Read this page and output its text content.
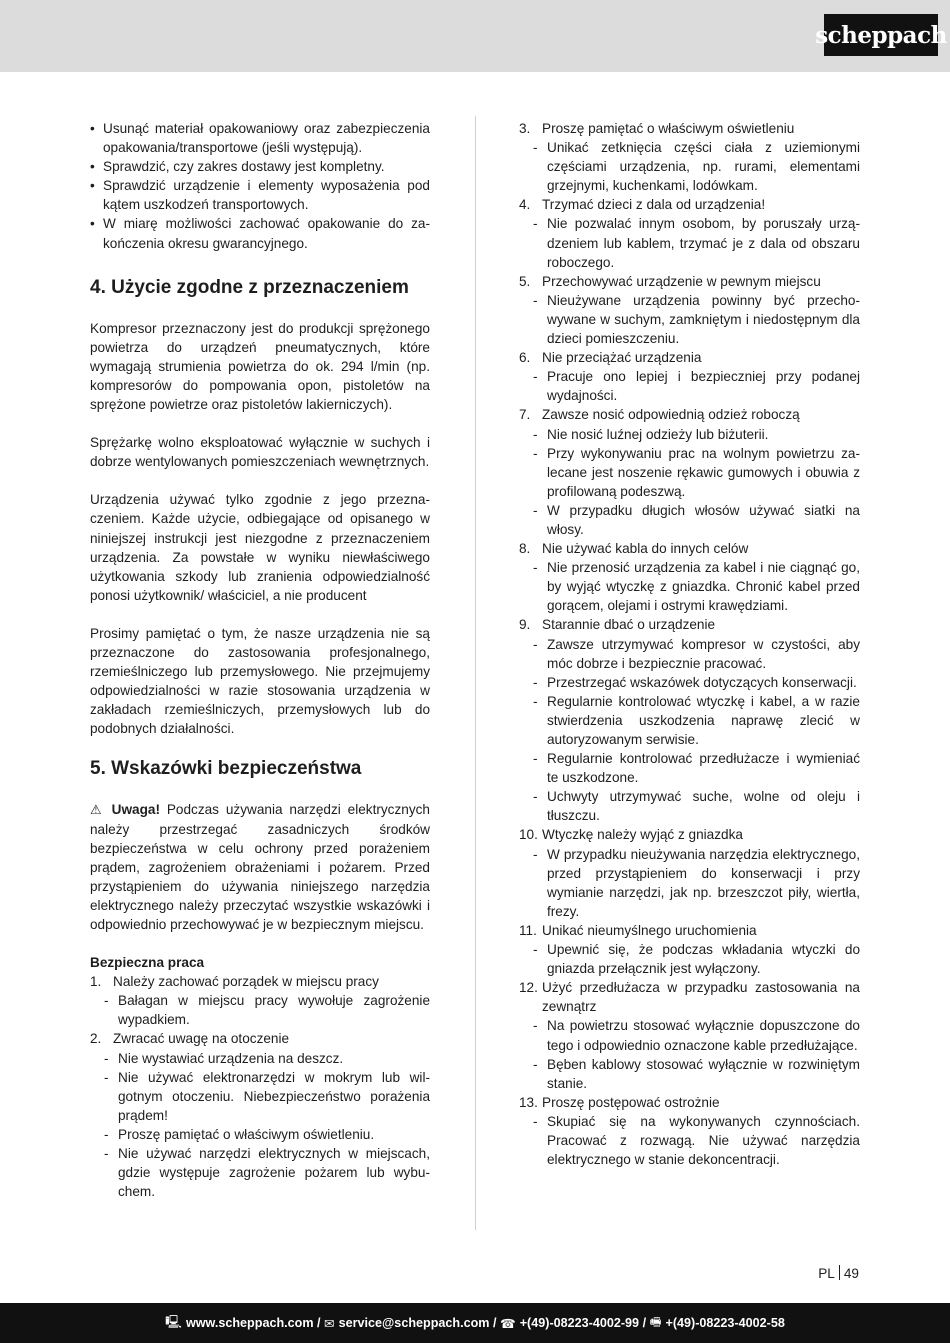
scheppach
• Usunąć materiał opakowaniowy oraz zabezpieczenia opakowania/transportowe (jeśli występują).
• Sprawdzić, czy zakres dostawy jest kompletny.
• Sprawdzić urządzenie i elementy wyposażenia pod kątem uszkodzeń transportowych.
• W miarę możliwości zachować opakowanie do zakończenia okresu gwarancyjnego.
4. Użycie zgodne z przeznaczeniem

Kompresor przeznaczony jest do produkcji sprężonego powietrza do urządzeń pneumatycznych, które wymagają strumienia powietrza do ok. 294 l/min (np. kompresorów do pompowania opon, pistoletów na sprężone powietrze oraz pistoletów lakierniczych).

Sprężarkę wolno eksploatować wyłącznie w suchych i dobrze wentylowanych pomieszczeniach wewnętrznych.

Urządzenia używać tylko zgodnie z jego przeznaczeniem. Każde użycie, odbiegające od opisanego w niniejszej instrukcji jest niezgodne z przeznaczeniem urządzenia. Za powstałe w wyniku niewłaściwego użytkowania szkody lub zranienia odpowiedzialność ponosi użytkownik/ właściciel, a nie producent

Prosimy pamiętać o tym, że nasze urządzenia nie są przeznaczone do zastosowania profesjonalnego, rzemieślniczego lub przemysłowego. Nie przejmujemy odpowiedzialności w razie stosowania urządzenia w zakładach rzemieślniczych, przemysłowych lub do podobnych działalności.

5. Wskazówki bezpieczeństwa

⚠ Uwaga! Podczas używania narzędzi elektrycznych należy przestrzegać zasadniczych środków bezpieczeństwa w celu ochrony przed porażeniem prądem, zagrożeniem obrażeniami i pożarem. Przed przystąpieniem do używania niniejszego narzędzia elektrycznego należy przeczytać wszystkie wskazówki i odpowiednio przechowywać je w bezpiecznym miejscu.

Bezpieczna praca

1. Należy zachować porządek w miejscu pracy
- Bałagan w miejscu pracy wywołuje zagrożenie wypadkiem.
2. Zwracać uwagę na otoczenie
- Nie wystawiać urządzenia na deszcz.
- Nie używać elektronarzędzi w mokrym lub wilgotnym otoczeniu. Niebezpieczeństwo porażenia prądem!
- Proszę pamiętać o właściwym oświetleniu.
- Nie używać narzędzi elektrycznych w miejscach, gdzie występuje zagrożenie pożarem lub wybuchem.
3. Proszę pamiętać o właściwym oświetleniu
- Unikać zetknięcia części ciała z uziemionymi częściami urządzenia, np. rurami, elementami grzejnymi, kuchenkami, lodówkam.
4. Trzymać dzieci z dala od urządzenia!
- Nie pozwalać innym osobom, by poruszały urządzeniem lub kablem, trzymać je z dala od obszaru roboczego.
5. Przechowywać urządzenie w pewnym miejscu
- Nieużywane urządzenia powinny być przechowywane w suchym, zamkniętym i niedostępnym dla dzieci pomieszczeniu.
6. Nie przeciążać urządzenia
- Pracuje ono lepiej i bezpieczniej przy podanej wydajności.
7. Zawsze nosić odpowiednią odzież roboczą
- Nie nosić luźnej odzieży lub biżuterii.
- Przy wykonywaniu prac na wolnym powietrzu zalecane jest noszenie rękawic gumowych i obuwia z profilowaną podeszwą.
- W przypadku długich włosów używać siatki na włosy.
8. Nie używać kabla do innych celów
- Nie przenosić urządzenia za kabel i nie ciągnąć go, by wyjąć wtyczkę z gniazdka. Chronić kabel przed gorącem, olejami i ostrymi krawędziami.
9. Starannie dbać o urządzenie
- Zawsze utrzymywać kompresor w czystości, aby móc dobrze i bezpiecznie pracować.
- Przestrzegać wskazówek dotyczących konserwacji.
- Regularnie kontrolować wtyczkę i kabel, a w razie stwierdzenia uszkodzenia naprawę zlecić w autoryzowanym serwisie.
- Regularnie kontrolować przedłużacze i wymieniać te uszkodzone.
- Uchwyty utrzymywać suche, wolne od oleju i tłuszczu.
10. Wtyczkę należy wyjąć z gniazdka
- W przypadku nieużywania narzędzia elektrycznego, przed przystąpieniem do konserwacji i przy wymianie narzędzi, jak np. brzeszczot piły, wiertła, frezy.
11. Unikać nieumyślnego uruchomienia
- Upewnić się, że podczas wkładania wtyczki do gniazda przełącznik jest wyłączony.
12. Użyć przedłużacza w przypadku zastosowania na zewnątrz
- Na powietrzu stosować wyłącznie dopuszczone do tego i odpowiednio oznaczone kable przedłużające.
- Bęben kablowy stosować wyłącznie w rozwiniętym stanie.
13. Proszę postępować ostrożnie
- Skupiać się na wykonywanych czynnościach. Pracować z rozwagą. Nie używać narzędzia elektrycznego w stanie dekoncentracji.
PL 49
🖳 www.scheppach.com / ✉ service@scheppach.com / ☎ +(49)-08223-4002-99 / 🖷 +(49)-08223-4002-58
